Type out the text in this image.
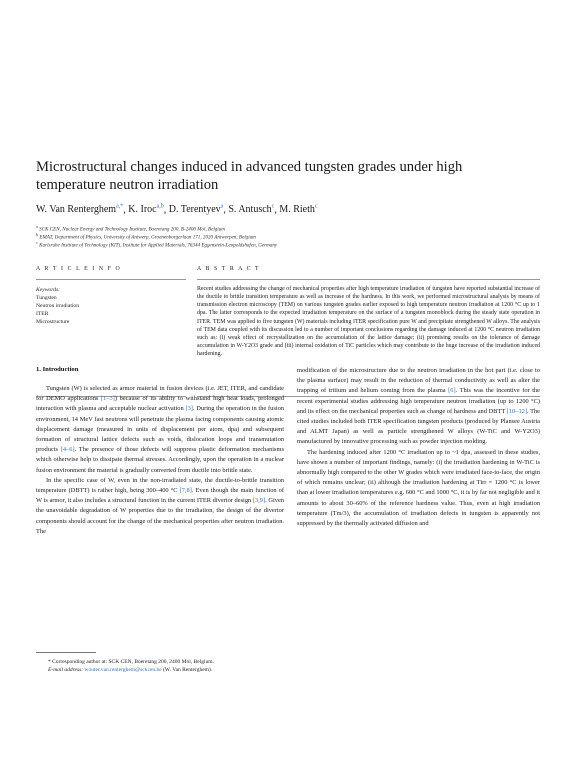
Microstructural changes induced in advanced tungsten grades under high
temperature neutron irradiation
W. Van Renterghem$^{a,*}$, K. Iroc$^{a,b}$, D. Terentyev$^a$, S. Antusch$^c$, M. Rieth$^c$
$^a$ SCK CEN, Nuclear Energy and Technology Institute, Boeretang 200, B-2400 Mol, Belgium
$^b$ EMAT, Department of Physics, University of Antwerp, Groenenborgerlaan 171, 2020 Antwerpen, Belgium
$^c$ Karlsruhe Institute of Technology (KIT), Institute for Applied Materials, 76344 Eggenstein-Leopoldshafen, Germany
A R T I C L E I N F O	A B S T R A C T
Keywords:
Tungsten
Neutron irradiation
ITER
Microstructure
Recent studies addressing the change of mechanical properties after high temperature irradiation of tungsten have reported substantial increase of the ductile to brittle transition temperature as well as increase of the hardness. In this work, we performed microstructural analysis by means of transmission electron microscopy (TEM) on various tungsten grades earlier exposed to high temperature neutron irradiation at 1200 °C up to 1 dpa. The latter corresponds to the expected irradiation temperature on the surface of a tungsten monoblock during the steady state operation in ITER. TEM was applied to five tungsten (W) materials including ITER specification pure W and precipitate strengthened W alloys. The analysis of TEM data coupled with its discussion led to a number of important conclusions regarding the damage induced at 1200 °C neutron irradiation such as: (i) weak effect of recrystallization on the accumulation of the lattice damage; (ii) promising results on the tolerance of damage accumulation in W-Y2O3 grade and (iii) internal oxidation of TiC particles which may contribute to the huge increase of the irradiation induced hardening.
1. Introduction

Tungsten (W) is selected as armor material in fusion devices (i.e. JET, ITER, and candidate for DEMO applications [1–3]) because of its ability to withstand high heat loads, prolonged interaction with plasma and acceptable nuclear activation [3]. During the operation in the fusion environment, 14 MeV fast neutrons will penetrate the plasma facing components causing atomic displacement damage (measured in units of displacement per atom, dpa) and subsequent formation of structural lattice defects such as voids, dislocation loops and transmutation products [4–6]. The presence of those defects will suppress plastic deformation mechanisms which otherwise help to dissipate thermal stresses. Accordingly, upon the operation in a nuclear fusion environment the material is gradually converted from ductile into brittle state.

In the specific case of W, even in the non-irradiated state, the ductile-to-brittle transition temperature (DBTT) is rather high, being 300–400 °C [7,8]. Even though the main function of W is armor, it also includes a structural function in the current ITER divertor design [3,9]. Given the unavoidable degradation of W properties due to the irradiation, the design of the divertor components should account for the change of the mechanical properties after neutron irradiation. The

modification of the microstructure due to the neutron irradiation in the hot part (i.e. close to the plasma surface) may result in the reduction of thermal conductivity as well as alter the trapping of tritium and helium coming from the plasma [6]. This was the incentive for the recent experimental studies addressing high temperature neutron irradiation (up to 1200 °C) and its effect on the mechanical properties such as change of hardness and DBTT [10–12]. The cited studies included both ITER specification tungsten products (produced by Plansee Austria and ALMT Japan) as well as particle strengthened W alloys (W-TiC and W-Y2O3) manufactured by innovative processing such as powder injection molding.

The hardening induced after 1200 °C irradiation up to ~1 dpa, assessed in these studies, have shown a number of important findings, namely: (i) the irradiation hardening in W-TiC is abnormally high compared to the other W grades which were irradiated face-to-face, the origin of which remains unclear; (ii) although the irradiation hardening at Tirr = 1200 °C is lower than at lower irradiation temperatures e.g. 600 °C and 1000 °C, it is by far not negligible and it amounts to about 30–60% of the reference hardness value. Thus, even at high irradiation temperature (Tm/3), the accumulation of irradiation defects in tungsten is apparently not suppressed by the thermally activated diffusion and

* Corresponding author at: SCK CEN, Boeretang 200, 2400 Mol, Belgium.
E-mail address: wouter.van.renterghem@sckcen.be (W. Van Renterghem).
